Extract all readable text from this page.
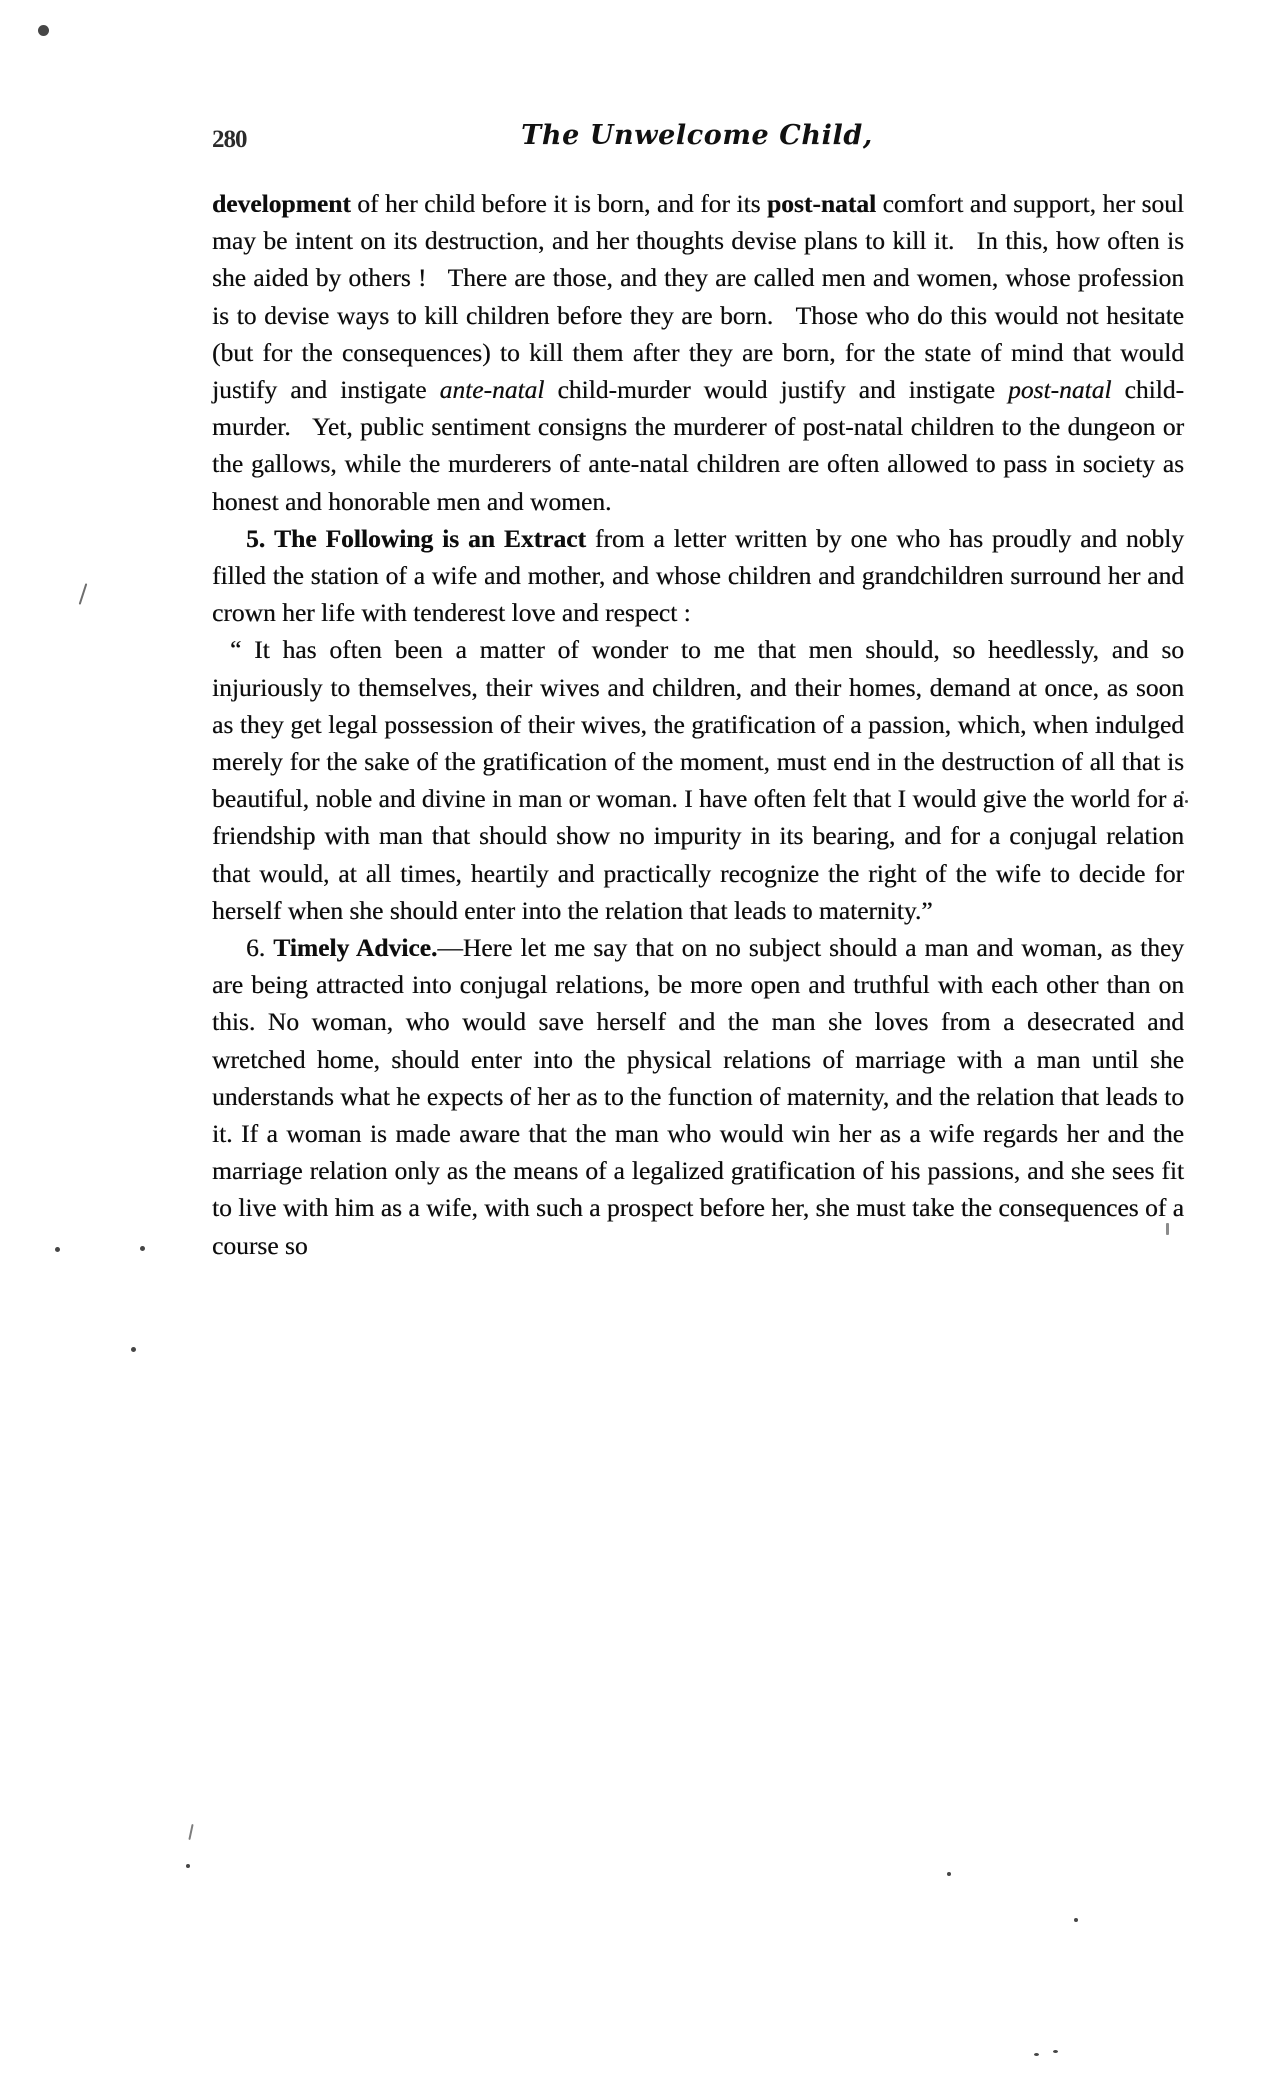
280	The Unwelcome Child,

development of her child before it is born, and for its post-natal comfort and support, her soul may be intent on its destruction, and her thoughts devise plans to kill it.   In this, how often is she aided by others !   There are those, and they are called men and women, whose profession is to devise ways to kill children before they are born.   Those who do this would not hesitate (but for the consequences) to kill them after they are born, for the state of mind that would justify and instigate ante-natal child-murder would justify and instigate post-natal child-murder.   Yet, public sentiment consigns the murderer of post-natal children to the dungeon or the gallows, while the murderers of ante-natal children are often allowed to pass in society as honest and honorable men and women.

5. The Following is an Extract from a letter written by one who has proudly and nobly filled the station of a wife and mother, and whose children and grandchildren surround her and crown her life with tenderest love and respect :

“ It has often been a matter of wonder to me that men should, so heedlessly, and so injuriously to themselves, their wives and children, and their homes, demand at once, as soon as they get legal possession of their wives, the gratification of a passion, which, when indulged merely for the sake of the gratification of the moment, must end in the destruction of all that is beautiful, noble and divine in man or woman. I have often felt that I would give the world for a friendship with man that should show no impurity in its bearing, and for a conjugal relation that would, at all times, heartily and practically recognize the right of the wife to decide for herself when she should enter into the relation that leads to maternity.”

6. Timely Advice.—Here let me say that on no subject should a man and woman, as they are being attracted into conjugal relations, be more open and truthful with each other than on this. No woman, who would save herself and the man she loves from a desecrated and wretched home, should enter into the physical relations of marriage with a man until she understands what he expects of her as to the function of maternity, and the relation that leads to it. If a woman is made aware that the man who would win her as a wife regards her and the marriage relation only as the means of a legalized gratification of his passions, and she sees fit to live with him as a wife, with such a prospect before her, she must take the consequences of a course so
